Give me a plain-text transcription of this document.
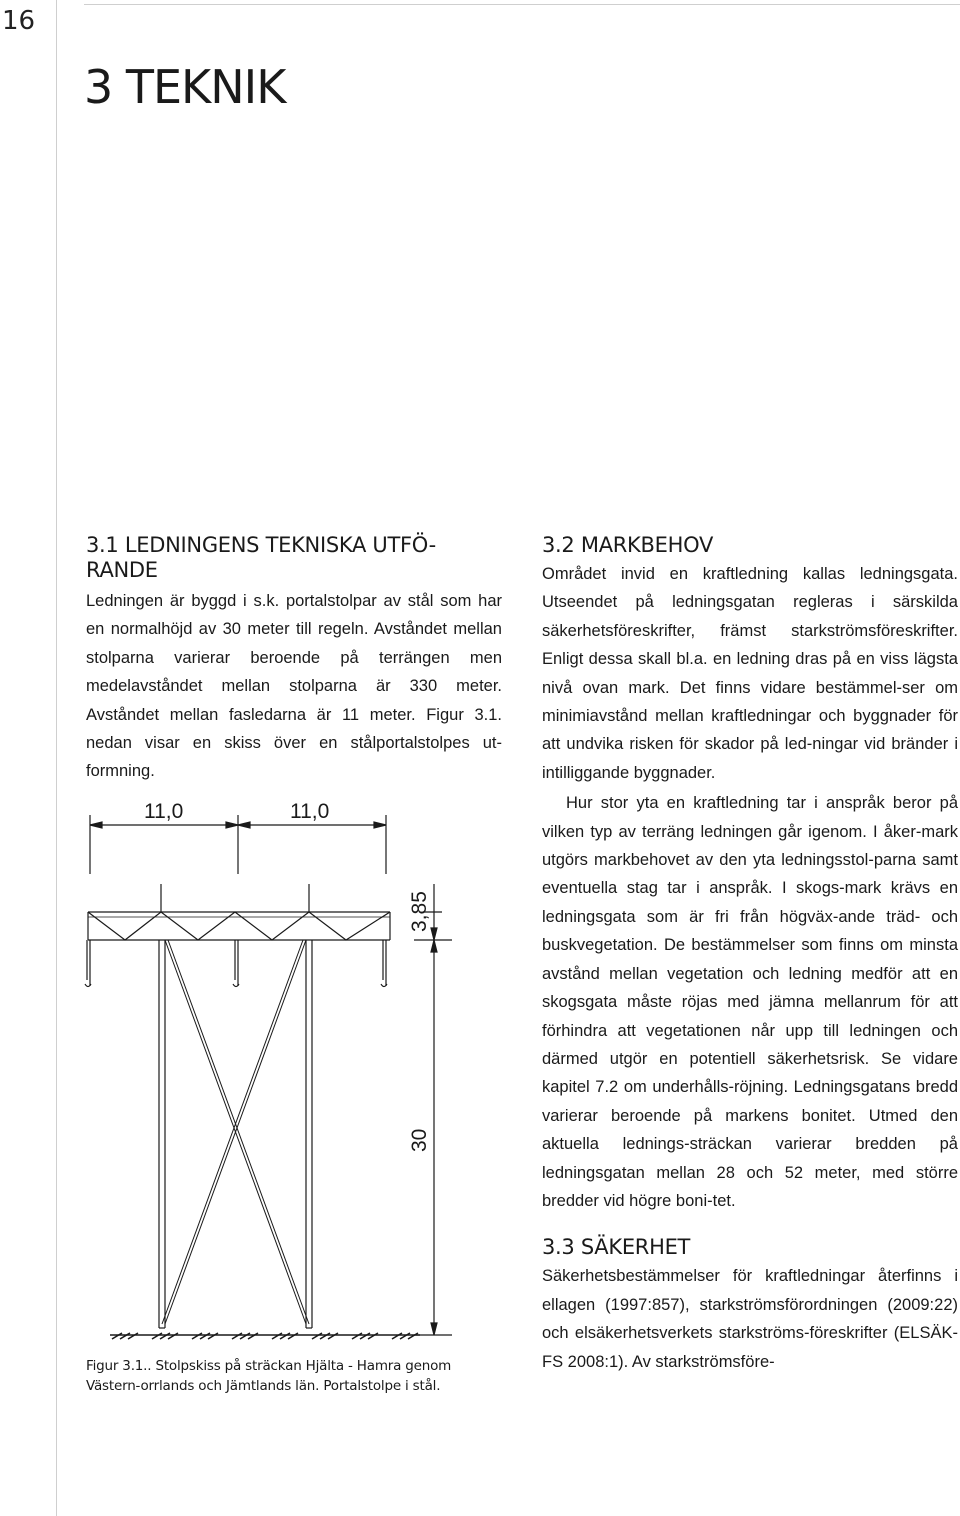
16
3 TEKNIK
3.1 LEDNINGENS TEKNISKA UTFÖ-RANDE

Ledningen är byggd i s.k. portalstolpar av stål som har en normalhöjd av 30 meter till regeln. Avståndet mellan stolparna varierar beroende på terrängen men medelavståndet mellan stolparna är 330 meter. Avståndet mellan fasledarna är 11 meter. Figur 3.1. nedan visar en skiss över en stålportalstolpes ut-formning.

11,0	11,0
3,85
30

Figur 3.1.. Stolpskiss på sträckan Hjälta - Hamra genom Västern-orrlands och Jämtlands län. Portalstolpe i stål.

3.2 MARKBEHOV

Området invid en kraftledning kallas ledningsgata. Utseendet på ledningsgatan regleras i särskilda säkerhetsföreskrifter, främst starkströmsföreskrifter. Enligt dessa skall bl.a. en ledning dras på en viss lägsta nivå ovan mark. Det finns vidare bestämmel-ser om minimiavstånd mellan kraftledningar och byggnader för att undvika risken för skador på led-ningar vid bränder i intilliggande byggnader.

Hur stor yta en kraftledning tar i anspråk beror på vilken typ av terräng ledningen går igenom. I åker-mark utgörs markbehovet av den yta ledningsstol-parna samt eventuella stag tar i anspråk. I skogs-mark krävs en ledningsgata som är fri från högväx-ande träd- och buskvegetation. De bestämmelser som finns om minsta avstånd mellan vegetation och ledning medför att en skogsgata måste röjas med jämna mellanrum för att förhindra att vegetationen når upp till ledningen och därmed utgör en potentiell säkerhetsrisk. Se vidare kapitel 7.2 om underhålls-röjning. Ledningsgatans bredd varierar beroende på markens bonitet. Utmed den aktuella lednings-sträckan varierar bredden på ledningsgatan mellan 28 och 52 meter, med större bredder vid högre boni-tet.

3.3 SÄKERHET

Säkerhetsbestämmelser för kraftledningar återfinns i ellagen (1997:857), starkströmsförordningen (2009:22) och elsäkerhetsverkets starkströms-föreskrifter (ELSÄK-FS 2008:1). Av starkströmsföre-
